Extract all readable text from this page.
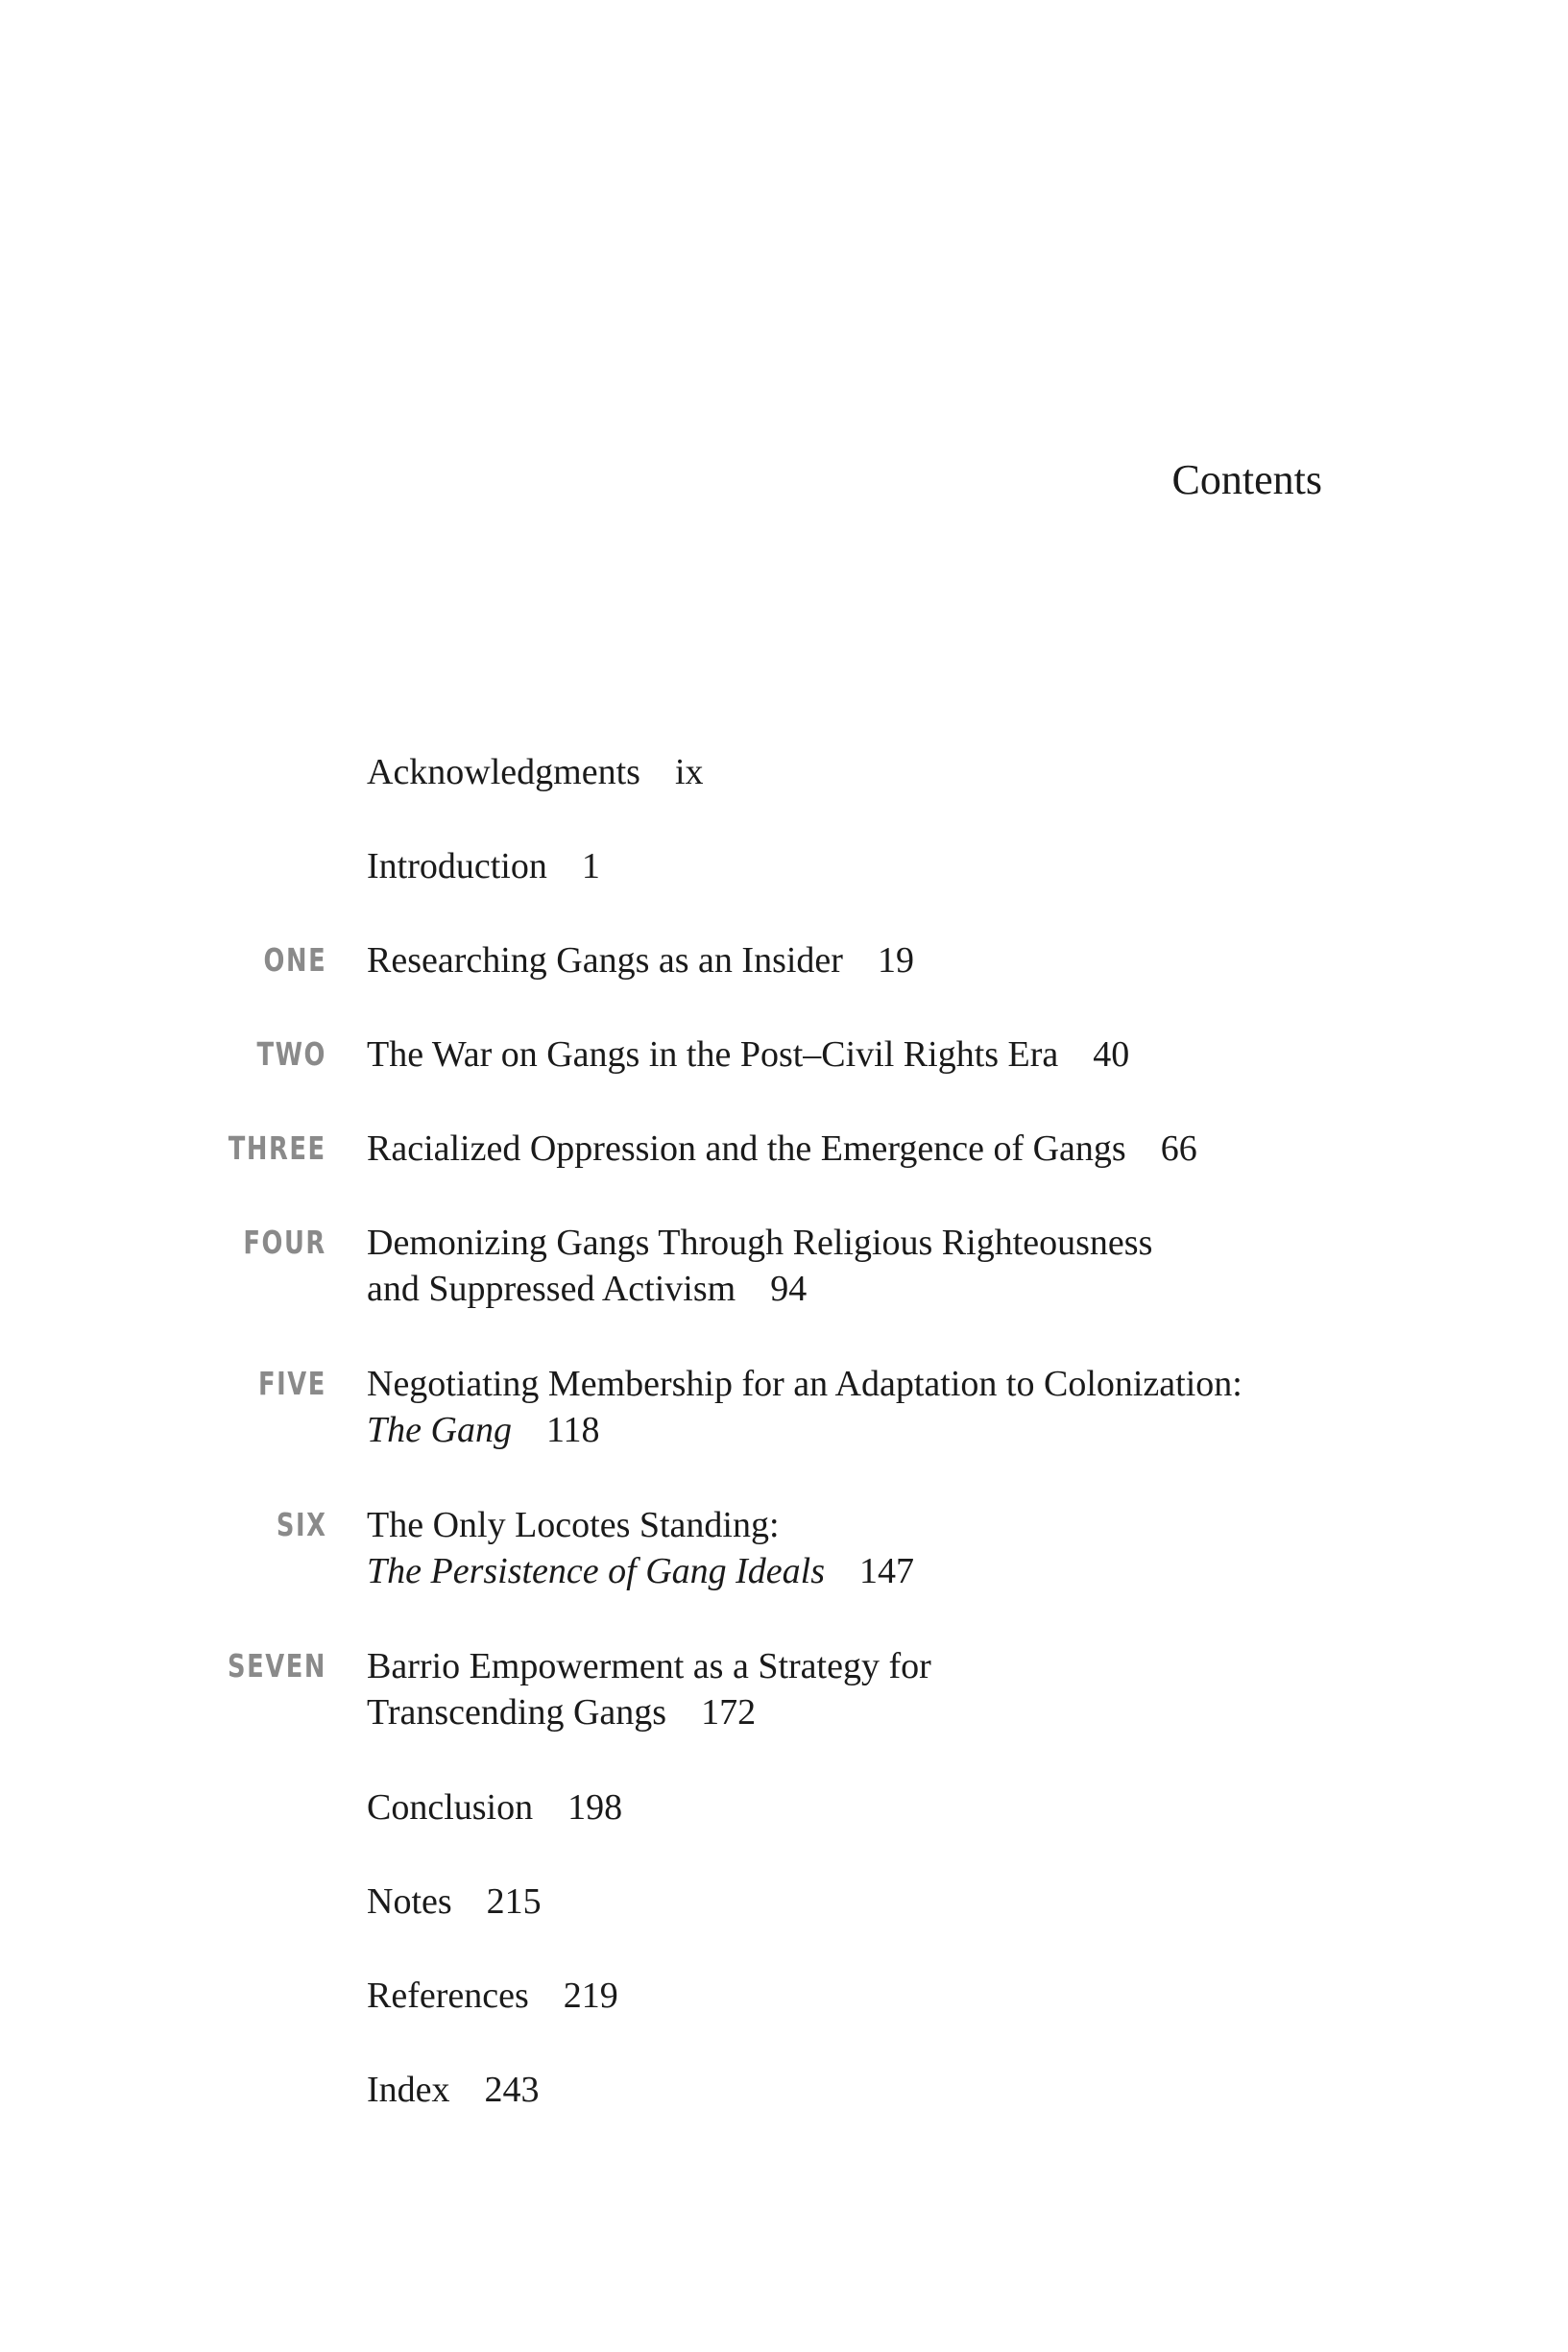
Contents
Acknowledgments ix
Introduction 1
ONE Researching Gangs as an Insider 19
TWO The War on Gangs in the Post–Civil Rights Era 40
THREE Racialized Oppression and the Emergence of Gangs 66
FOUR Demonizing Gangs Through Religious Righteousness
and Suppressed Activism 94
FIVE Negotiating Membership for an Adaptation to Colonization:
The Gang 118
SIX The Only Locotes Standing:
The Persistence of Gang Ideals 147
SEVEN Barrio Empowerment as a Strategy for
Transcending Gangs 172
Conclusion 198
Notes 215
References 219
Index 243
